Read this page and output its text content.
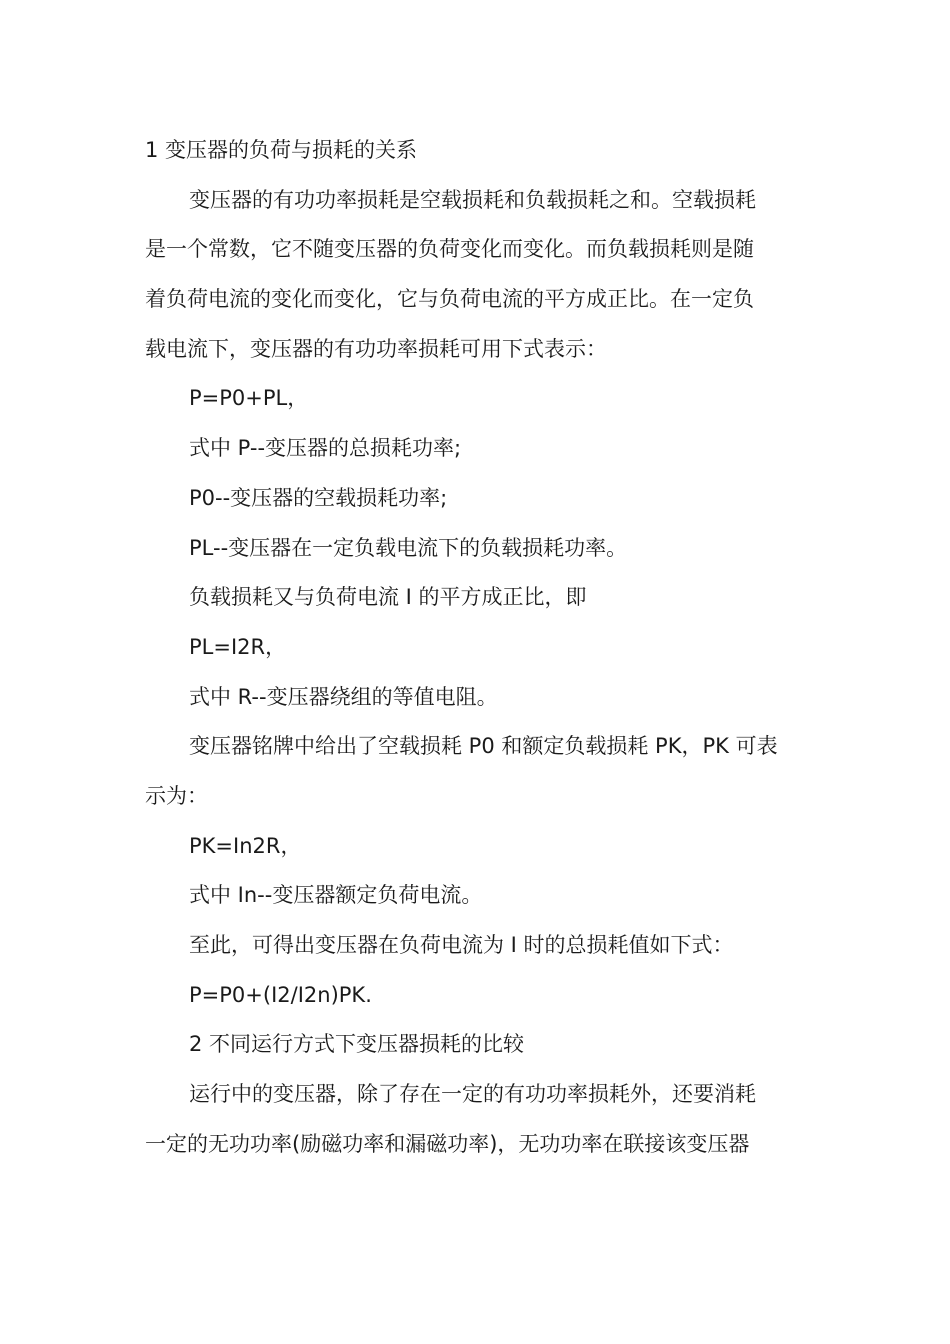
1 变压器的负荷与损耗的关系
变压器的有功功率损耗是空载损耗和负载损耗之和。空载损耗
是一个常数，它不随变压器的负荷变化而变化。而负载损耗则是随
着负荷电流的变化而变化，它与负荷电流的平方成正比。在一定负
载电流下，变压器的有功功率损耗可用下式表示：
P=P0+PL，
式中 P--变压器的总损耗功率;
P0--变压器的空载损耗功率;
PL--变压器在一定负载电流下的负载损耗功率。
负载损耗又与负荷电流 I 的平方成正比，即
PL=I2R，
式中 R--变压器绕组的等值电阻。
变压器铭牌中给出了空载损耗 P0 和额定负载损耗 PK，PK 可表
示为：
PK=In2R，
式中 In--变压器额定负荷电流。
至此，可得出变压器在负荷电流为 I 时的总损耗值如下式：
P=P0+(I2/I2n)PK.
2 不同运行方式下变压器损耗的比较
运行中的变压器，除了存在一定的有功功率损耗外，还要消耗
一定的无功功率(励磁功率和漏磁功率)，无功功率在联接该变压器
